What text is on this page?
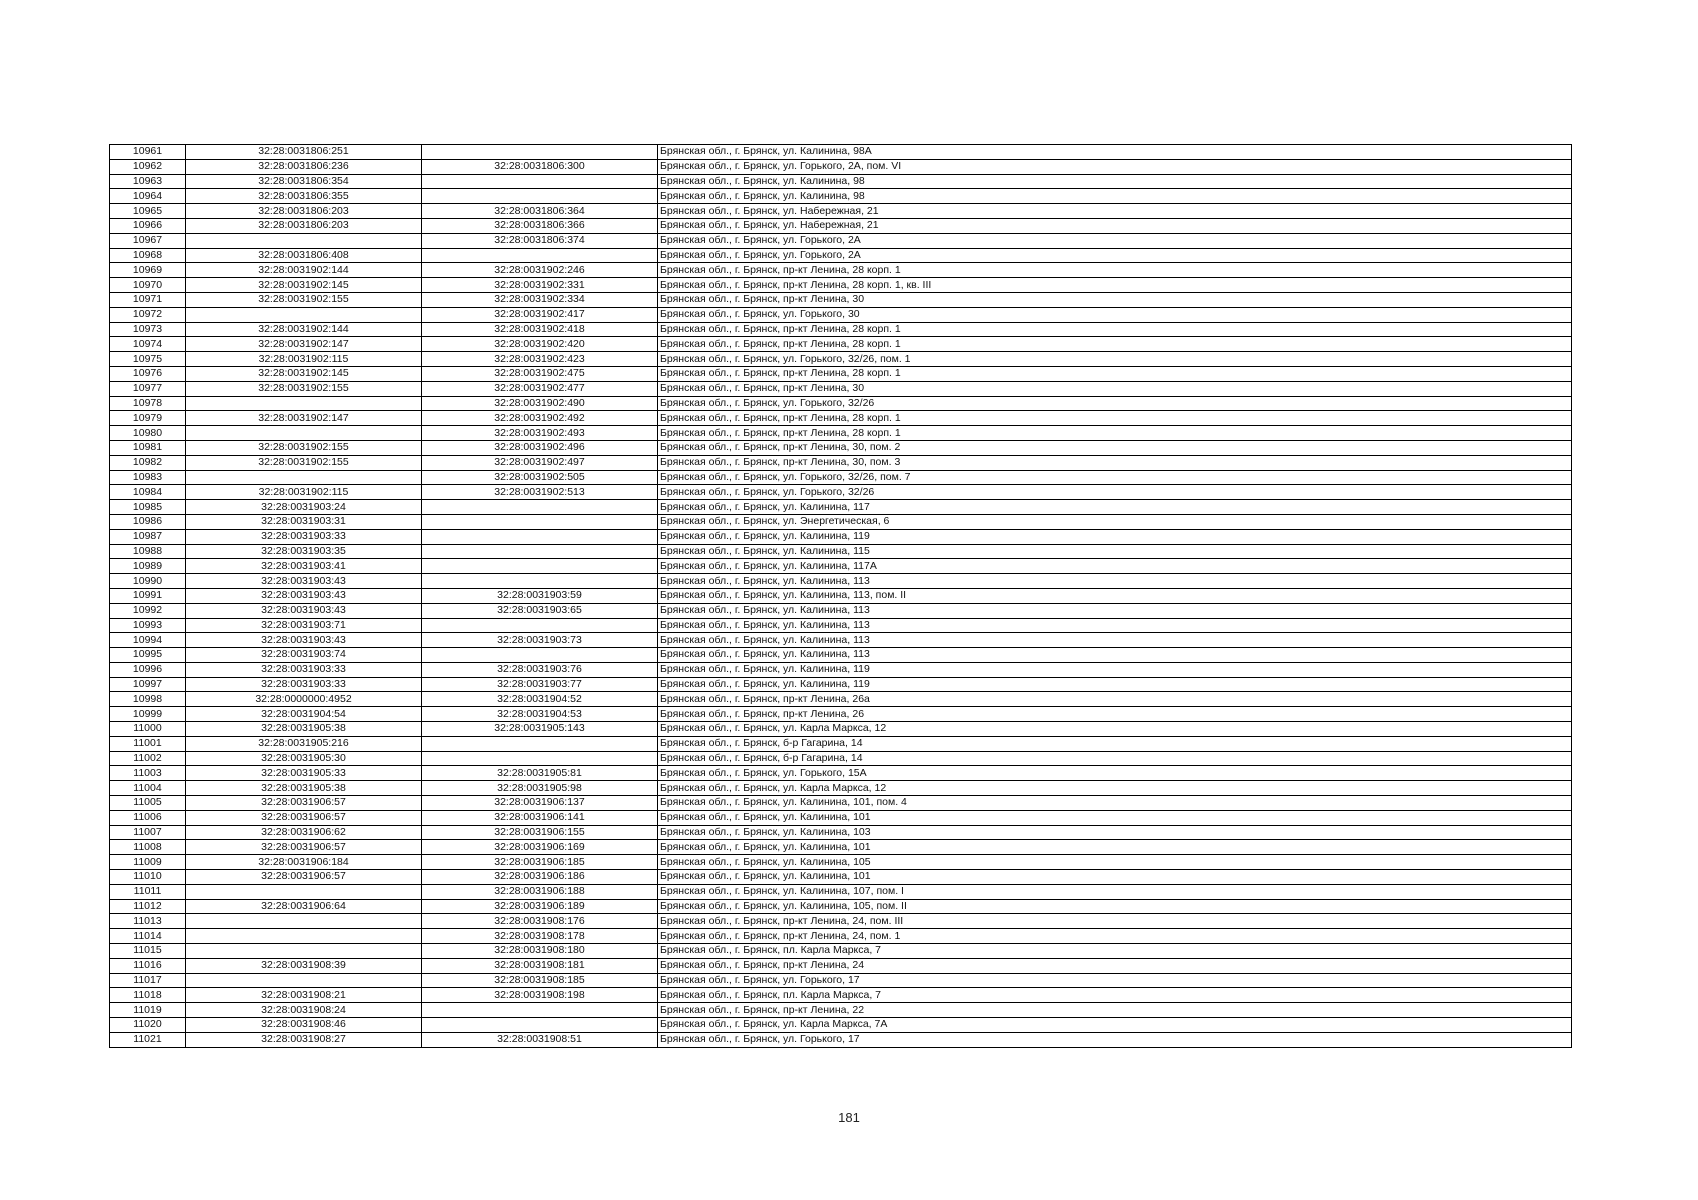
10961	32:28:0031806:251		Брянская обл., г. Брянск, ул. Калинина, 98А
10962	32:28:0031806:236	32:28:0031806:300	Брянская обл., г. Брянск, ул. Горького, 2А, пом. VI
10963	32:28:0031806:354		Брянская обл., г. Брянск, ул. Калинина, 98
10964	32:28:0031806:355		Брянская обл., г. Брянск, ул. Калинина, 98
10965	32:28:0031806:203	32:28:0031806:364	Брянская обл., г. Брянск, ул. Набережная, 21
10966	32:28:0031806:203	32:28:0031806:366	Брянская обл., г. Брянск, ул. Набережная, 21
10967		32:28:0031806:374	Брянская обл., г. Брянск, ул. Горького, 2А
10968	32:28:0031806:408		Брянская обл., г. Брянск, ул. Горького, 2А
10969	32:28:0031902:144	32:28:0031902:246	Брянская обл., г. Брянск, пр-кт Ленина, 28 корп. 1
10970	32:28:0031902:145	32:28:0031902:331	Брянская обл., г. Брянск, пр-кт Ленина, 28 корп. 1, кв. III
10971	32:28:0031902:155	32:28:0031902:334	Брянская обл., г. Брянск, пр-кт Ленина, 30
10972		32:28:0031902:417	Брянская обл., г. Брянск, ул. Горького, 30
10973	32:28:0031902:144	32:28:0031902:418	Брянская обл., г. Брянск, пр-кт Ленина, 28 корп. 1
10974	32:28:0031902:147	32:28:0031902:420	Брянская обл., г. Брянск, пр-кт Ленина, 28 корп. 1
10975	32:28:0031902:115	32:28:0031902:423	Брянская обл., г. Брянск, ул. Горького, 32/26, пом. 1
10976	32:28:0031902:145	32:28:0031902:475	Брянская обл., г. Брянск, пр-кт Ленина, 28 корп. 1
10977	32:28:0031902:155	32:28:0031902:477	Брянская обл., г. Брянск, пр-кт Ленина, 30
10978		32:28:0031902:490	Брянская обл., г. Брянск, ул. Горького, 32/26
10979	32:28:0031902:147	32:28:0031902:492	Брянская обл., г. Брянск, пр-кт Ленина, 28 корп. 1
10980		32:28:0031902:493	Брянская обл., г. Брянск, пр-кт Ленина, 28 корп. 1
10981	32:28:0031902:155	32:28:0031902:496	Брянская обл., г. Брянск, пр-кт Ленина, 30, пом. 2
10982	32:28:0031902:155	32:28:0031902:497	Брянская обл., г. Брянск, пр-кт Ленина, 30, пом. 3
10983		32:28:0031902:505	Брянская обл., г. Брянск, ул. Горького, 32/26, пом. 7
10984	32:28:0031902:115	32:28:0031902:513	Брянская обл., г. Брянск, ул. Горького, 32/26
10985	32:28:0031903:24		Брянская обл., г. Брянск, ул. Калинина, 117
10986	32:28:0031903:31		Брянская обл., г. Брянск, ул. Энергетическая, 6
10987	32:28:0031903:33		Брянская обл., г. Брянск, ул. Калинина, 119
10988	32:28:0031903:35		Брянская обл., г. Брянск, ул. Калинина, 115
10989	32:28:0031903:41		Брянская обл., г. Брянск, ул. Калинина, 117А
10990	32:28:0031903:43		Брянская обл., г. Брянск, ул. Калинина, 113
10991	32:28:0031903:43	32:28:0031903:59	Брянская обл., г. Брянск, ул. Калинина, 113, пом. II
10992	32:28:0031903:43	32:28:0031903:65	Брянская обл., г. Брянск, ул. Калинина, 113
10993	32:28:0031903:71		Брянская обл., г. Брянск, ул. Калинина, 113
10994	32:28:0031903:43	32:28:0031903:73	Брянская обл., г. Брянск, ул. Калинина, 113
10995	32:28:0031903:74		Брянская обл., г. Брянск, ул. Калинина, 113
10996	32:28:0031903:33	32:28:0031903:76	Брянская обл., г. Брянск, ул. Калинина, 119
10997	32:28:0031903:33	32:28:0031903:77	Брянская обл., г. Брянск, ул. Калинина, 119
10998	32:28:0000000:4952	32:28:0031904:52	Брянская обл., г. Брянск, пр-кт Ленина, 26а
10999	32:28:0031904:54	32:28:0031904:53	Брянская обл., г. Брянск, пр-кт Ленина, 26
11000	32:28:0031905:38	32:28:0031905:143	Брянская обл., г. Брянск, ул. Карла Маркса, 12
11001	32:28:0031905:216		Брянская обл., г. Брянск, б-р Гагарина, 14
11002	32:28:0031905:30		Брянская обл., г. Брянск, б-р Гагарина, 14
11003	32:28:0031905:33	32:28:0031905:81	Брянская обл., г. Брянск, ул. Горького, 15А
11004	32:28:0031905:38	32:28:0031905:98	Брянская обл., г. Брянск, ул. Карла Маркса, 12
11005	32:28:0031906:57	32:28:0031906:137	Брянская обл., г. Брянск, ул. Калинина, 101, пом. 4
11006	32:28:0031906:57	32:28:0031906:141	Брянская обл., г. Брянск, ул. Калинина, 101
11007	32:28:0031906:62	32:28:0031906:155	Брянская обл., г. Брянск, ул. Калинина, 103
11008	32:28:0031906:57	32:28:0031906:169	Брянская обл., г. Брянск, ул. Калинина, 101
11009	32:28:0031906:184	32:28:0031906:185	Брянская обл., г. Брянск, ул. Калинина, 105
11010	32:28:0031906:57	32:28:0031906:186	Брянская обл., г. Брянск, ул. Калинина, 101
11011		32:28:0031906:188	Брянская обл., г. Брянск, ул. Калинина, 107, пом. I
11012	32:28:0031906:64	32:28:0031906:189	Брянская обл., г. Брянск, ул. Калинина, 105, пом. II
11013		32:28:0031908:176	Брянская обл., г. Брянск, пр-кт Ленина, 24, пом. III
11014		32:28:0031908:178	Брянская обл., г. Брянск, пр-кт Ленина, 24, пом. 1
11015		32:28:0031908:180	Брянская обл., г. Брянск, пл. Карла Маркса, 7
11016	32:28:0031908:39	32:28:0031908:181	Брянская обл., г. Брянск, пр-кт Ленина, 24
11017		32:28:0031908:185	Брянская обл., г. Брянск, ул. Горького, 17
11018	32:28:0031908:21	32:28:0031908:198	Брянская обл., г. Брянск, пл. Карла Маркса, 7
11019	32:28:0031908:24		Брянская обл., г. Брянск, пр-кт Ленина, 22
11020	32:28:0031908:46		Брянская обл., г. Брянск, ул. Карла Маркса, 7А
11021	32:28:0031908:27	32:28:0031908:51	Брянская обл., г. Брянск, ул. Горького, 17
181
